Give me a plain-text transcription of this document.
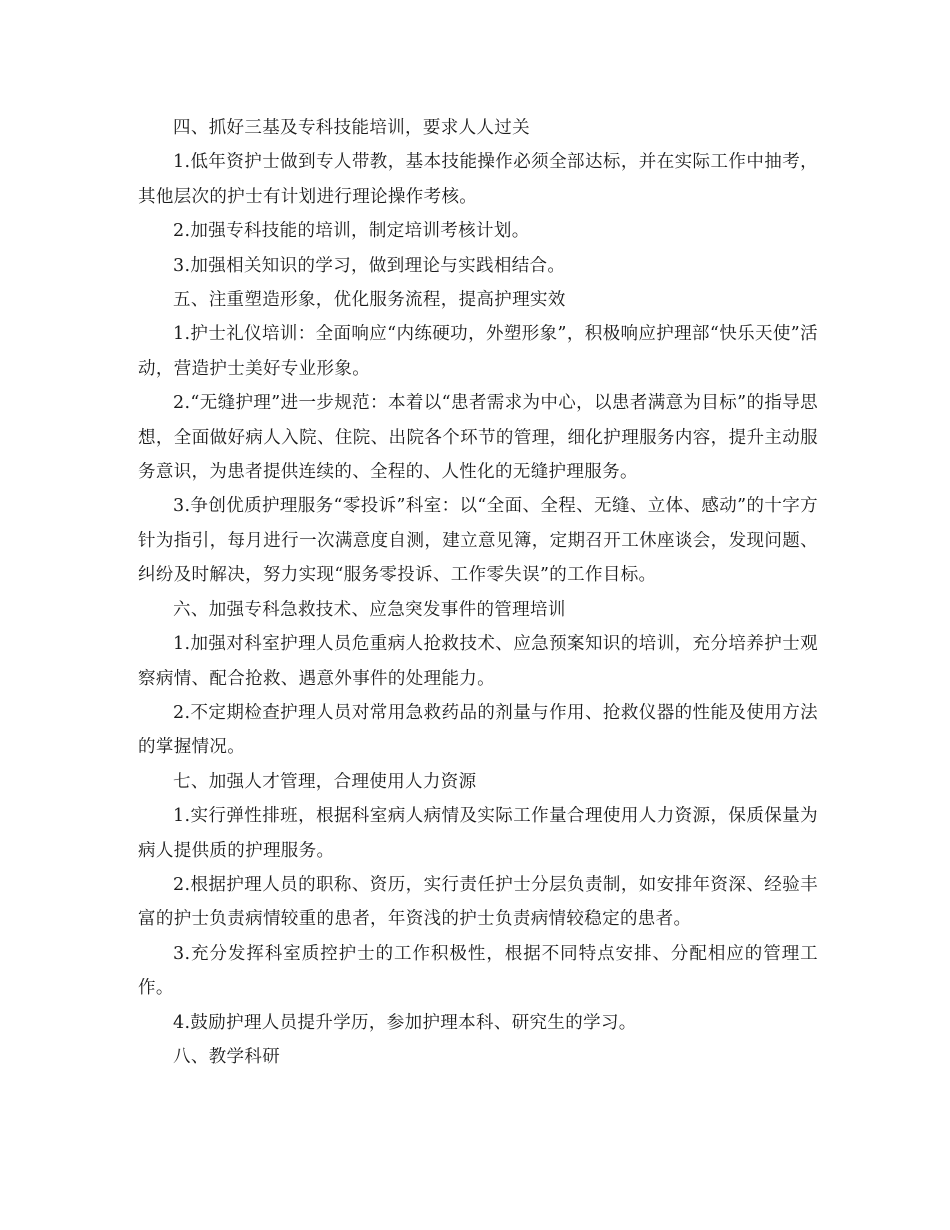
四、抓好三基及专科技能培训，要求人人过关

1.低年资护士做到专人带教，基本技能操作必须全部达标，并在实际工作中抽考，其他层次的护士有计划进行理论操作考核。

2.加强专科技能的培训，制定培训考核计划。

3.加强相关知识的学习，做到理论与实践相结合。

五、注重塑造形象，优化服务流程，提高护理实效

1.护士礼仪培训：全面响应“内练硬功，外塑形象”，积极响应护理部“快乐天使”活动，营造护士美好专业形象。

2.“无缝护理”进一步规范：本着以“患者需求为中心，以患者满意为目标”的指导思想，全面做好病人入院、住院、出院各个环节的管理，细化护理服务内容，提升主动服务意识，为患者提供连续的、全程的、人性化的无缝护理服务。

3.争创优质护理服务“零投诉”科室：以“全面、全程、无缝、立体、感动”的十字方针为指引，每月进行一次满意度自测，建立意见簿，定期召开工休座谈会，发现问题、纠纷及时解决，努力实现“服务零投诉、工作零失误”的工作目标。

六、加强专科急救技术、应急突发事件的管理培训

1.加强对科室护理人员危重病人抢救技术、应急预案知识的培训，充分培养护士观察病情、配合抢救、遇意外事件的处理能力。

2.不定期检查护理人员对常用急救药品的剂量与作用、抢救仪器的性能及使用方法的掌握情况。

七、加强人才管理，合理使用人力资源

1.实行弹性排班，根据科室病人病情及实际工作量合理使用人力资源，保质保量为病人提供质的护理服务。

2.根据护理人员的职称、资历，实行责任护士分层负责制，如安排年资深、经验丰富的护士负责病情较重的患者，年资浅的护士负责病情较稳定的患者。

3.充分发挥科室质控护士的工作积极性，根据不同特点安排、分配相应的管理工作。

4.鼓励护理人员提升学历，参加护理本科、研究生的学习。

八、教学科研
